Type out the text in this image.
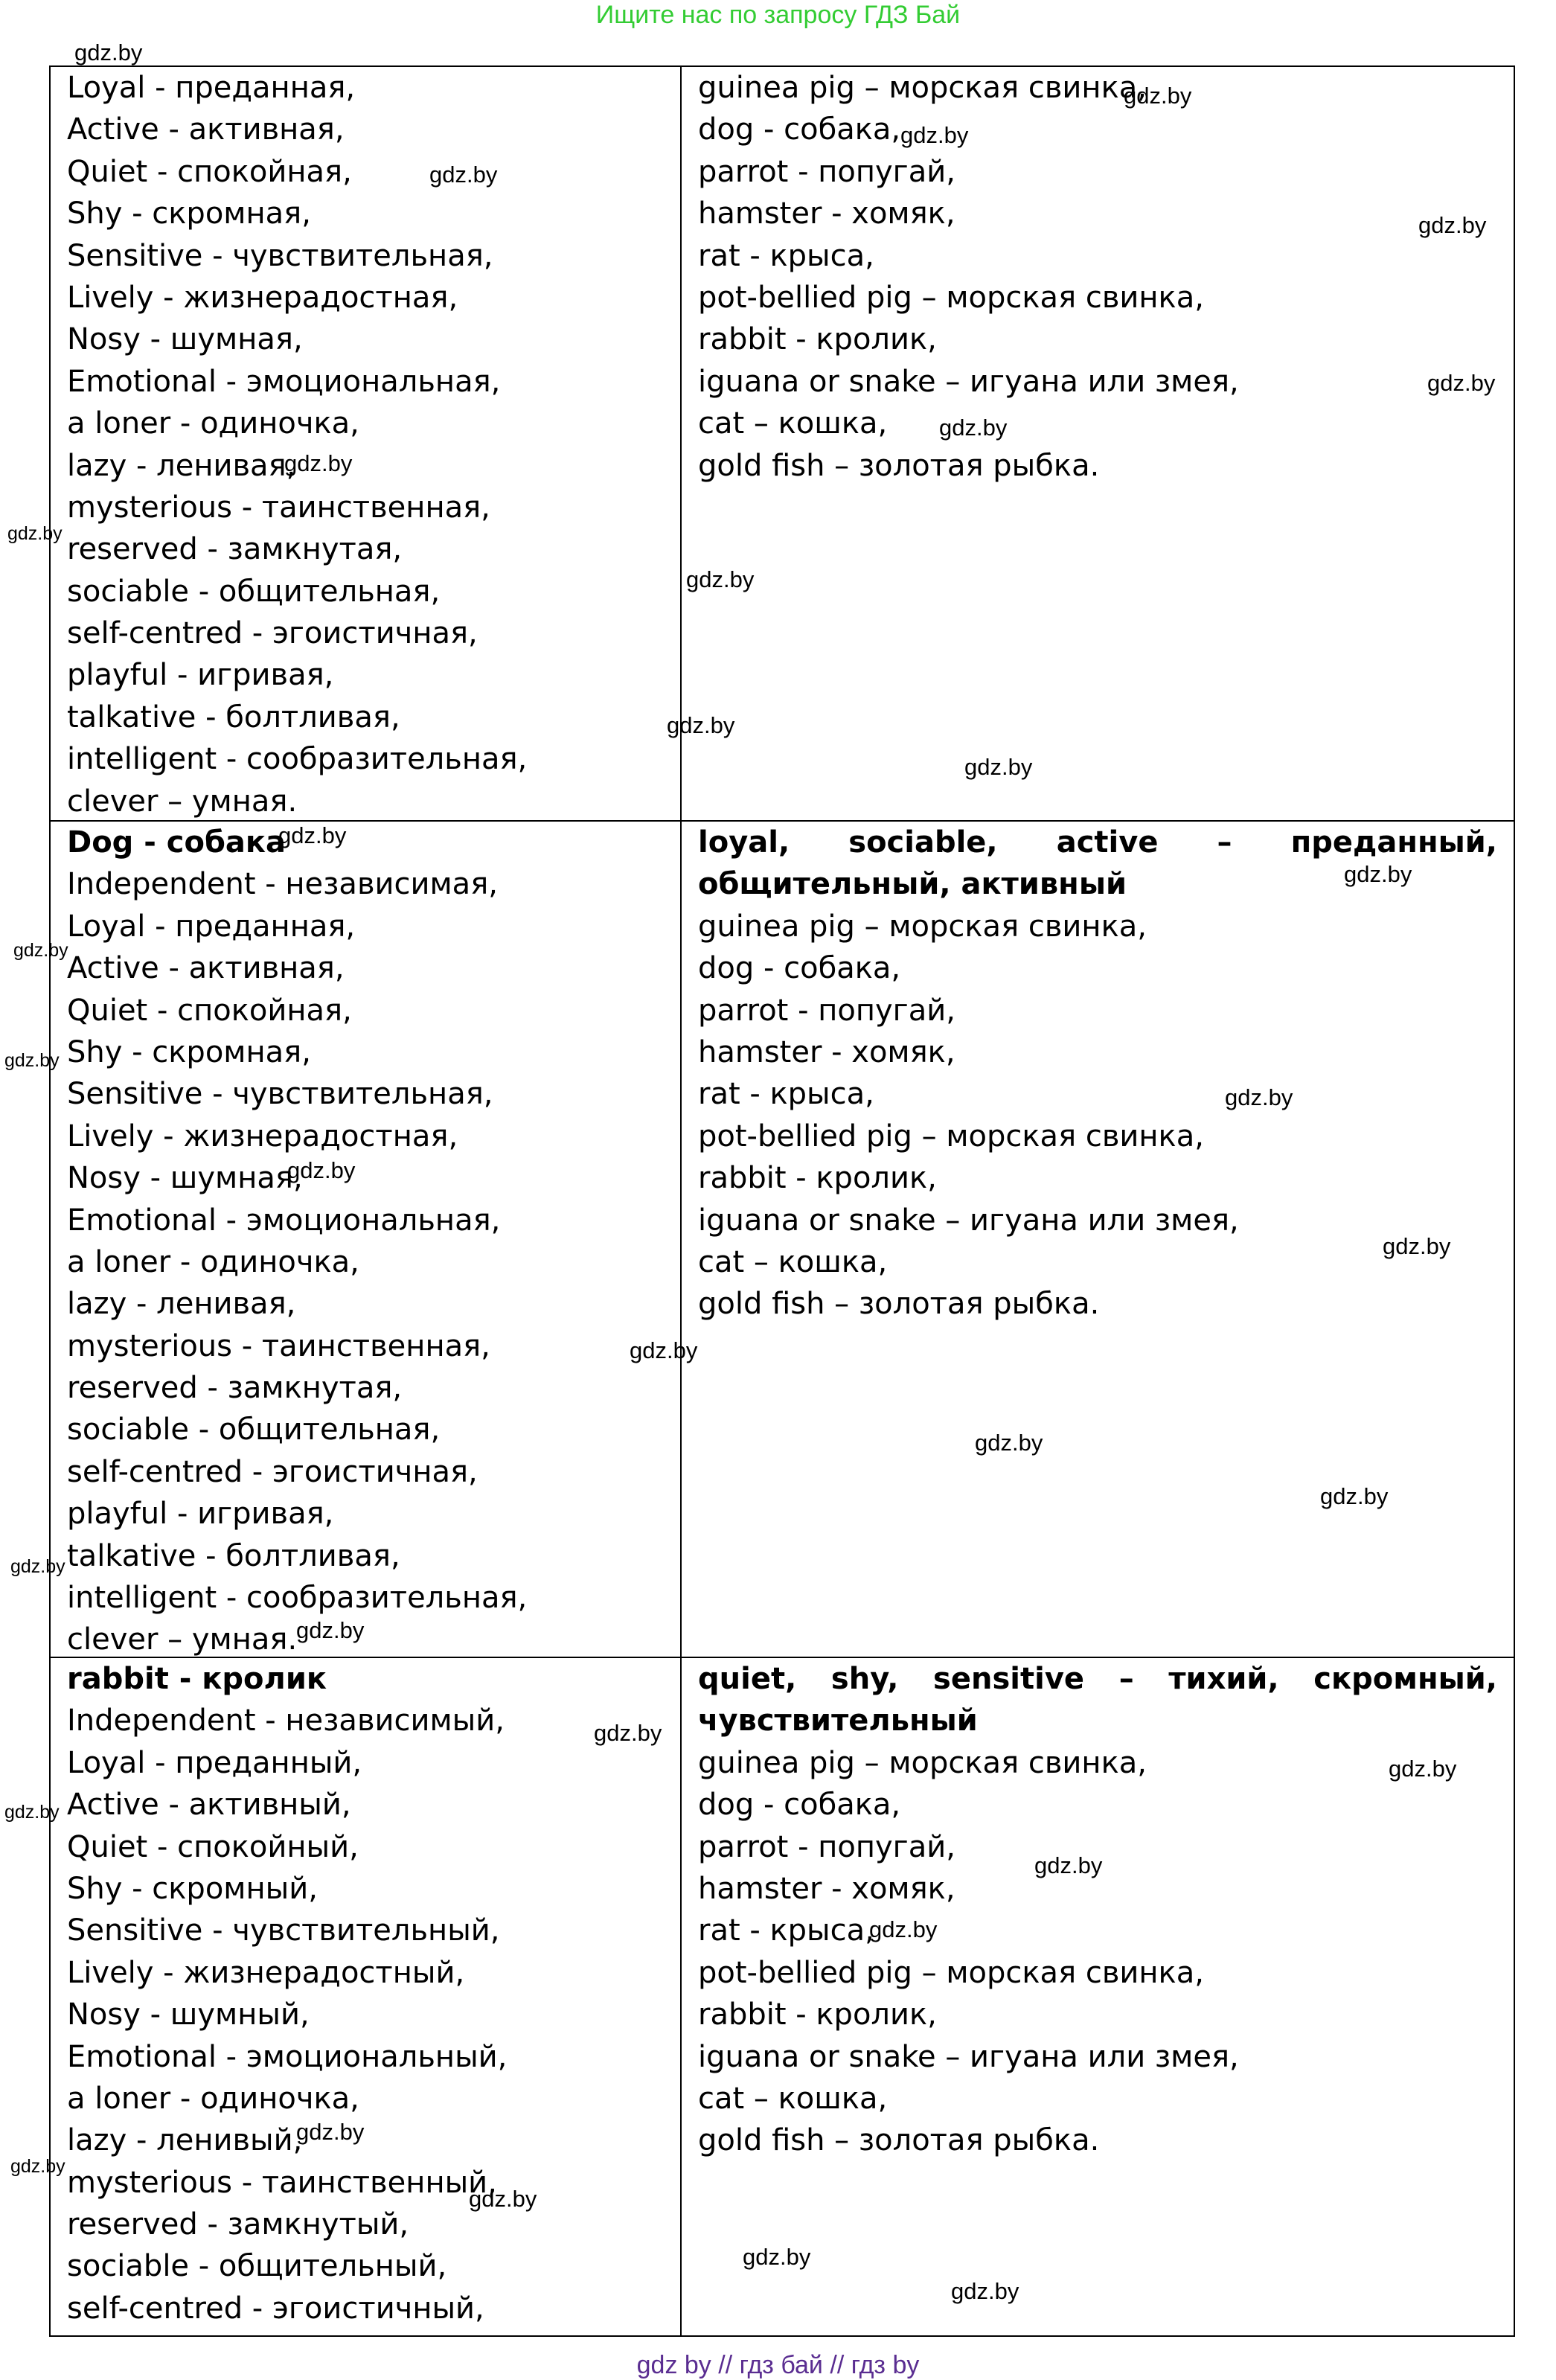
Ищите нас по запросу ГДЗ Бай
Loyal - преданная,
Active - активная,
Quiet - спокойная,
Shy - скромная,
Sensitive - чувствительная,
Lively - жизнерадостная,
Nosy - шумная,
Emotional - эмоциональная,
a loner - одиночка,
lazy - ленивая,
mysterious - таинственная,
reserved - замкнутая,
sociable - общительная,
self-centred - эгоистичная,
playful - игривая,
talkative - болтливая,
intelligent - сообразительная,
clever – умная.
guinea pig – морская свинка,
dog - собака,
parrot - попугай,
hamster - хомяк,
rat - крыса,
pot-bellied pig – морская свинка,
rabbit - кролик,
iguana or snake – игуана или змея,
cat – кошка,
gold fish – золотая рыбка.
Dog - собака
Independent - независимая,
Loyal - преданная,
Active - активная,
Quiet - спокойная,
Shy - скромная,
Sensitive - чувствительная,
Lively - жизнерадостная,
Nosy - шумная,
Emotional - эмоциональная,
a loner - одиночка,
lazy - ленивая,
mysterious - таинственная,
reserved - замкнутая,
sociable - общительная,
self-centred - эгоистичная,
playful - игривая,
talkative - болтливая,
intelligent - сообразительная,
clever – умная.
loyal, sociable, active – преданный, общительный, активный
guinea pig – морская свинка,
dog - собака,
parrot - попугай,
hamster - хомяк,
rat - крыса,
pot-bellied pig – морская свинка,
rabbit - кролик,
iguana or snake – игуана или змея,
cat – кошка,
gold fish – золотая рыбка.
rabbit - кролик
Independent - независимый,
Loyal - преданный,
Active - активный,
Quiet - спокойный,
Shy - скромный,
Sensitive - чувствительный,
Lively - жизнерадостный,
Nosy - шумный,
Emotional - эмоциональный,
a loner - одиночка,
lazy - ленивый,
mysterious - таинственный,
reserved - замкнутый,
sociable - общительный,
self-centred - эгоистичный,
quiet, shy, sensitive – тихий, скромный, чувствительный
guinea pig – морская свинка,
dog - собака,
parrot - попугай,
hamster - хомяк,
rat - крыса,
pot-bellied pig – морская свинка,
rabbit - кролик,
iguana or snake – игуана или змея,
cat – кошка,
gold fish – золотая рыбка.
gdz.by
gdz.by
gdz.by
gdz.by
gdz.by
gdz.by
gdz.by
gdz.by
gdz.by
gdz.by
gdz.by
gdz.by
gdz.by
gdz.by
gdz.by
gdz.by
gdz.by
gdz.by
gdz.by
gdz.by
gdz.by
gdz.by
gdz.by
gdz.by
gdz.by
gdz.by
gdz.by
gdz.by
gdz.by
gdz.by
gdz.by
gdz.by
gdz.by
gdz.by
gdz by // гдз бай // гдз by
